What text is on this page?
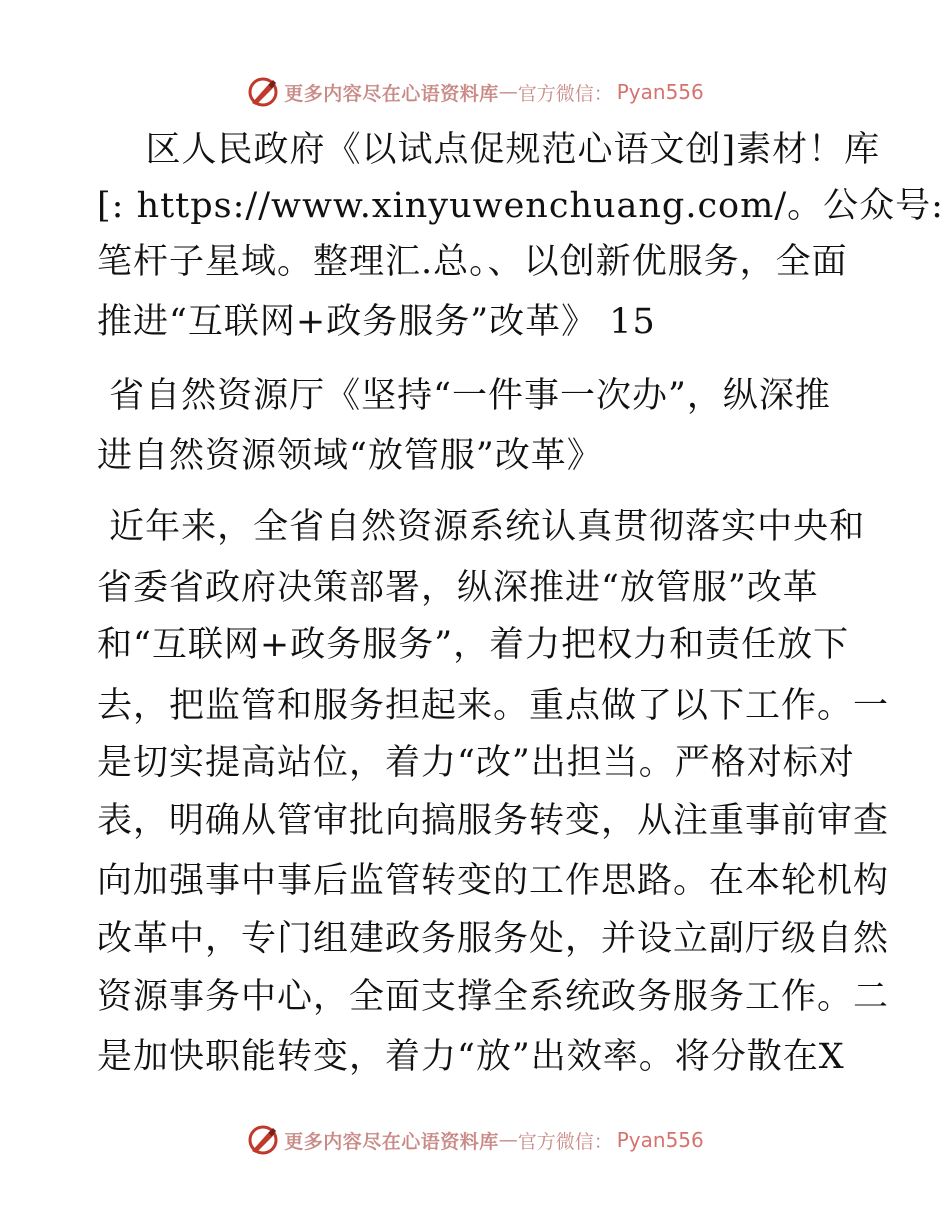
更多内容尽在心语资料库 — 官方微信： Pyan556
区人民政府《以试点促规范心语文创]素材！库
[: https://www.xinyuwenchuang.com/。公众号:
笔杆子星域。整理汇.总。、以创新优服务，全面
推进“互联网+政务服务”改革》 15
省自然资源厅《坚持“一件事一次办”，纵深推
进自然资源领域“放管服”改革》
近年来，全省自然资源系统认真贯彻落实中央和
省委省政府决策部署，纵深推进“放管服”改革
和“互联网+政务服务”，着力把权力和责任放下
去，把监管和服务担起来。重点做了以下工作。一
是切实提高站位，着力“改”出担当。严格对标对
表，明确从管审批向搞服务转变，从注重事前审查
向加强事中事后监管转变的工作思路。在本轮机构
改革中，专门组建政务服务处，并设立副厅级自然
资源事务中心，全面支撑全系统政务服务工作。二
是加快职能转变，着力“放”出效率。将分散在X
更多内容尽在心语资料库 — 官方微信： Pyan556
